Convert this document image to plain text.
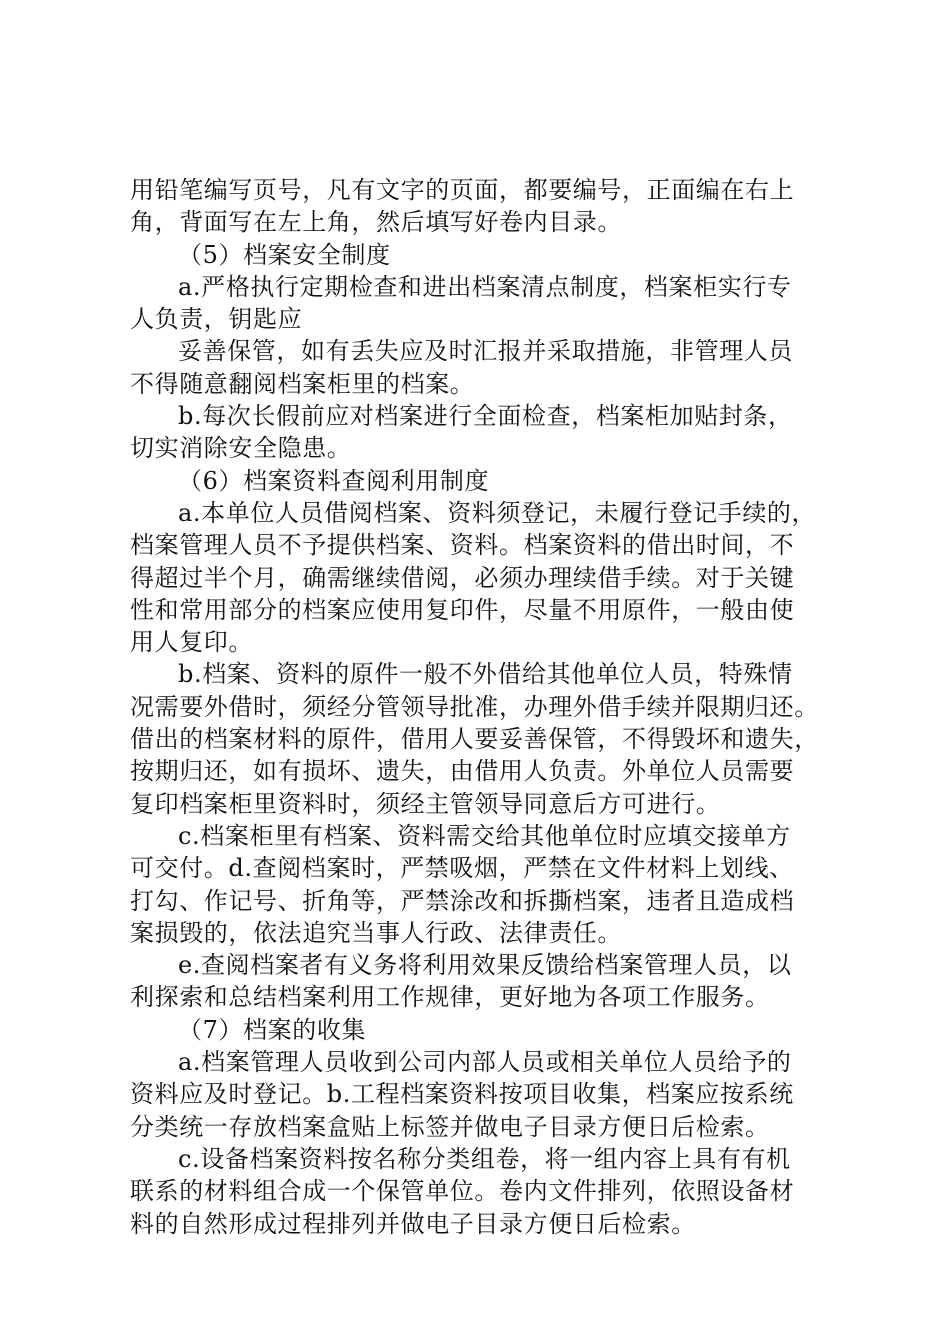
用铅笔编写页号，凡有文字的页面，都要编号，正面编在右上
角，背面写在左上角，然后填写好卷内目录。
（5）档案安全制度
a.严格执行定期检查和进出档案清点制度，档案柜实行专
人负责，钥匙应
妥善保管，如有丢失应及时汇报并采取措施，非管理人员
不得随意翻阅档案柜里的档案。
b.每次长假前应对档案进行全面检查，档案柜加贴封条，
切实消除安全隐患。
（6）档案资料查阅利用制度
a.本单位人员借阅档案、资料须登记，未履行登记手续的，
档案管理人员不予提供档案、资料。档案资料的借出时间，不
得超过半个月，确需继续借阅，必须办理续借手续。对于关键
性和常用部分的档案应使用复印件，尽量不用原件，一般由使
用人复印。
b.档案、资料的原件一般不外借给其他单位人员，特殊情
况需要外借时，须经分管领导批准，办理外借手续并限期归还。
借出的档案材料的原件，借用人要妥善保管，不得毁坏和遗失，
按期归还，如有损坏、遗失，由借用人负责。外单位人员需要
复印档案柜里资料时，须经主管领导同意后方可进行。
c.档案柜里有档案、资料需交给其他单位时应填交接单方
可交付。d.查阅档案时，严禁吸烟，严禁在文件材料上划线、
打勾、作记号、折角等，严禁涂改和拆撕档案，违者且造成档
案损毁的，依法追究当事人行政、法律责任。
e.查阅档案者有义务将利用效果反馈给档案管理人员，以
利探索和总结档案利用工作规律，更好地为各项工作服务。
（7）档案的收集
a.档案管理人员收到公司内部人员或相关单位人员给予的
资料应及时登记。b.工程档案资料按项目收集，档案应按系统
分类统一存放档案盒贴上标签并做电子目录方便日后检索。
c.设备档案资料按名称分类组卷，将一组内容上具有有机
联系的材料组合成一个保管单位。卷内文件排列，依照设备材
料的自然形成过程排列并做电子目录方便日后检索。
